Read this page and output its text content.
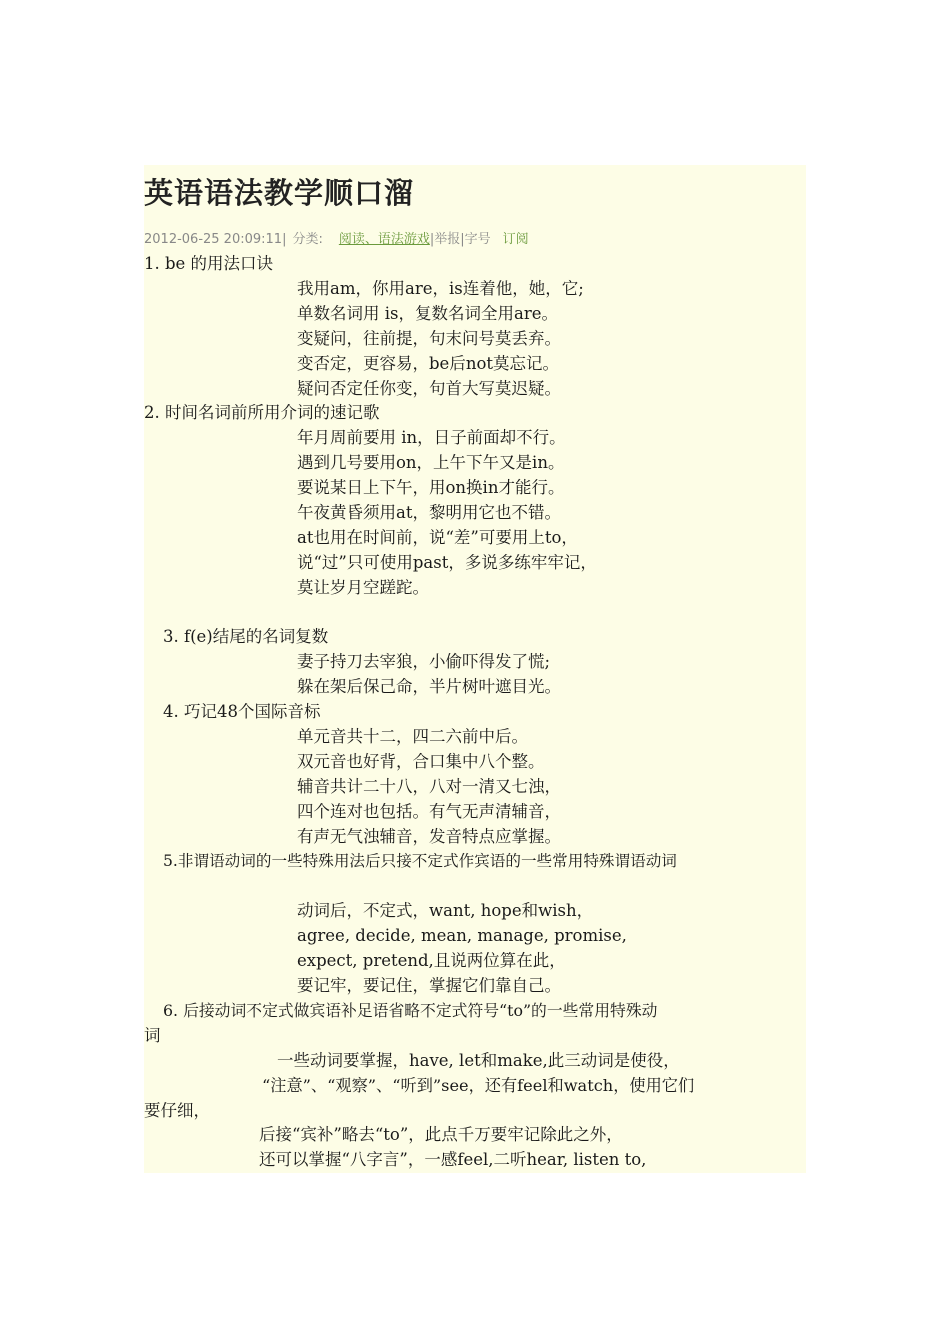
英语语法教学顺口溜
2012-06-25 20:09:11| 分类: 阅读、语法游戏|举报|字号 订阅
1. be 的用法口诀
我用am，你用are，is连着他，她，它;
单数名词用 is，复数名词全用are。
变疑问，往前提，句末问号莫丢弃。
变否定，更容易，be后not莫忘记。
疑问否定任你变，句首大写莫迟疑。
2. 时间名词前所用介词的速记歌
年月周前要用 in，日子前面却不行。
遇到几号要用on，上午下午又是in。
要说某日上下午，用on换in才能行。
午夜黄昏须用at，黎明用它也不错。
at也用在时间前，说“差”可要用上to，
说“过”只可使用past，多说多练牢牢记，
莫让岁月空蹉跎。
3. f(e)结尾的名词复数
妻子持刀去宰狼，小偷吓得发了慌;
躲在架后保己命，半片树叶遮目光。
4. 巧记48个国际音标
单元音共十二，四二六前中后。
双元音也好背，合口集中八个整。
辅音共计二十八，八对一清又七浊，
四个连对也包括。有气无声清辅音，
有声无气浊辅音，发音特点应掌握。
5.非谓语动词的一些特殊用法后只接不定式作宾语的一些常用特殊谓语动词
动词后，不定式，want, hope和wish，
agree, decide, mean, manage, promise,
expect, pretend,且说两位算在此，
要记牢，要记住，掌握它们靠自己。
6. 后接动词不定式做宾语补足语省略不定式符号“to”的一些常用特殊动
词
一些动词要掌握，have, let和make,此三动词是使役，
“注意”、“观察”、“听到”see，还有feel和watch，使用它们
要仔细，
后接“宾补”略去“to”，此点千万要牢记除此之外，
还可以掌握“八字言”，一感feel,二听hear, listen to,
